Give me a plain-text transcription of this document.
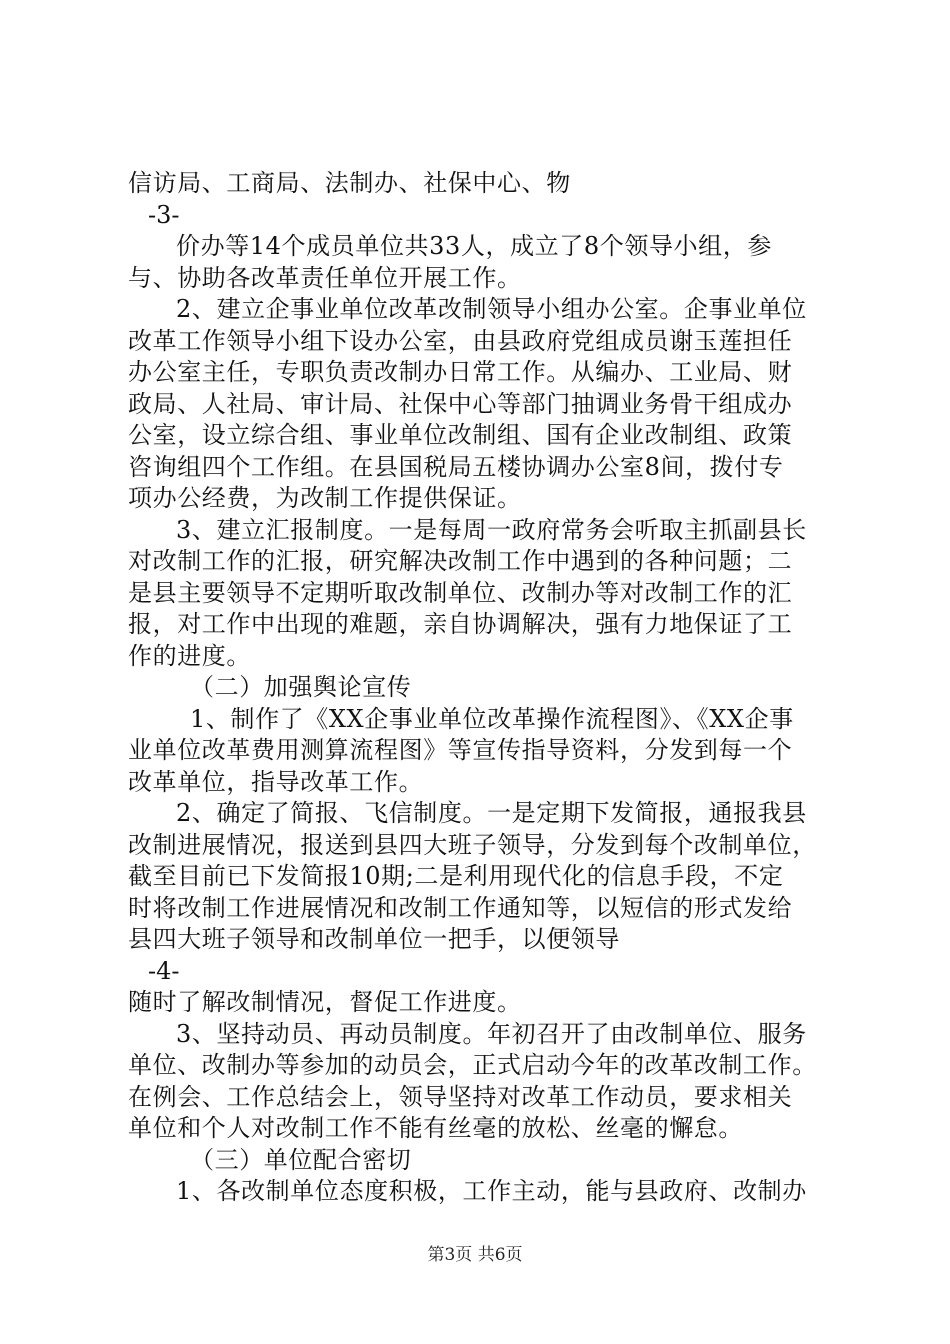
信访局、工商局、法制办、社保中心、物
-3-
价办等14个成员单位共33人，成立了8个领导小组，参
与、协助各改革责任单位开展工作。
2、建立企事业单位改革改制领导小组办公室。企事业单位
改革工作领导小组下设办公室，由县政府党组成员谢玉莲担任
办公室主任，专职负责改制办日常工作。从编办、工业局、财
政局、人社局、审计局、社保中心等部门抽调业务骨干组成办
公室，设立综合组、事业单位改制组、国有企业改制组、政策
咨询组四个工作组。在县国税局五楼协调办公室8间，拨付专
项办公经费，为改制工作提供保证。
3、建立汇报制度。一是每周一政府常务会听取主抓副县长
对改制工作的汇报，研究解决改制工作中遇到的各种问题；二
是县主要领导不定期听取改制单位、改制办等对改制工作的汇
报，对工作中出现的难题，亲自协调解决，强有力地保证了工
作的进度。
（二）加强舆论宣传
1、制作了《XX企事业单位改革操作流程图》、《XX企事
业单位改革费用测算流程图》等宣传指导资料，分发到每一个
改革单位，指导改革工作。
2、确定了简报、飞信制度。一是定期下发简报，通报我县
改制进展情况，报送到县四大班子领导，分发到每个改制单位，
截至目前已下发简报10期;二是利用现代化的信息手段，不定
时将改制工作进展情况和改制工作通知等，以短信的形式发给
县四大班子领导和改制单位一把手，以便领导
-4-
随时了解改制情况，督促工作进度。
3、坚持动员、再动员制度。年初召开了由改制单位、服务
单位、改制办等参加的动员会，正式启动今年的改革改制工作。
在例会、工作总结会上，领导坚持对改革工作动员，要求相关
单位和个人对改制工作不能有丝毫的放松、丝毫的懈怠。
（三）单位配合密切
1、各改制单位态度积极，工作主动，能与县政府、改制办
第3页 共6页
